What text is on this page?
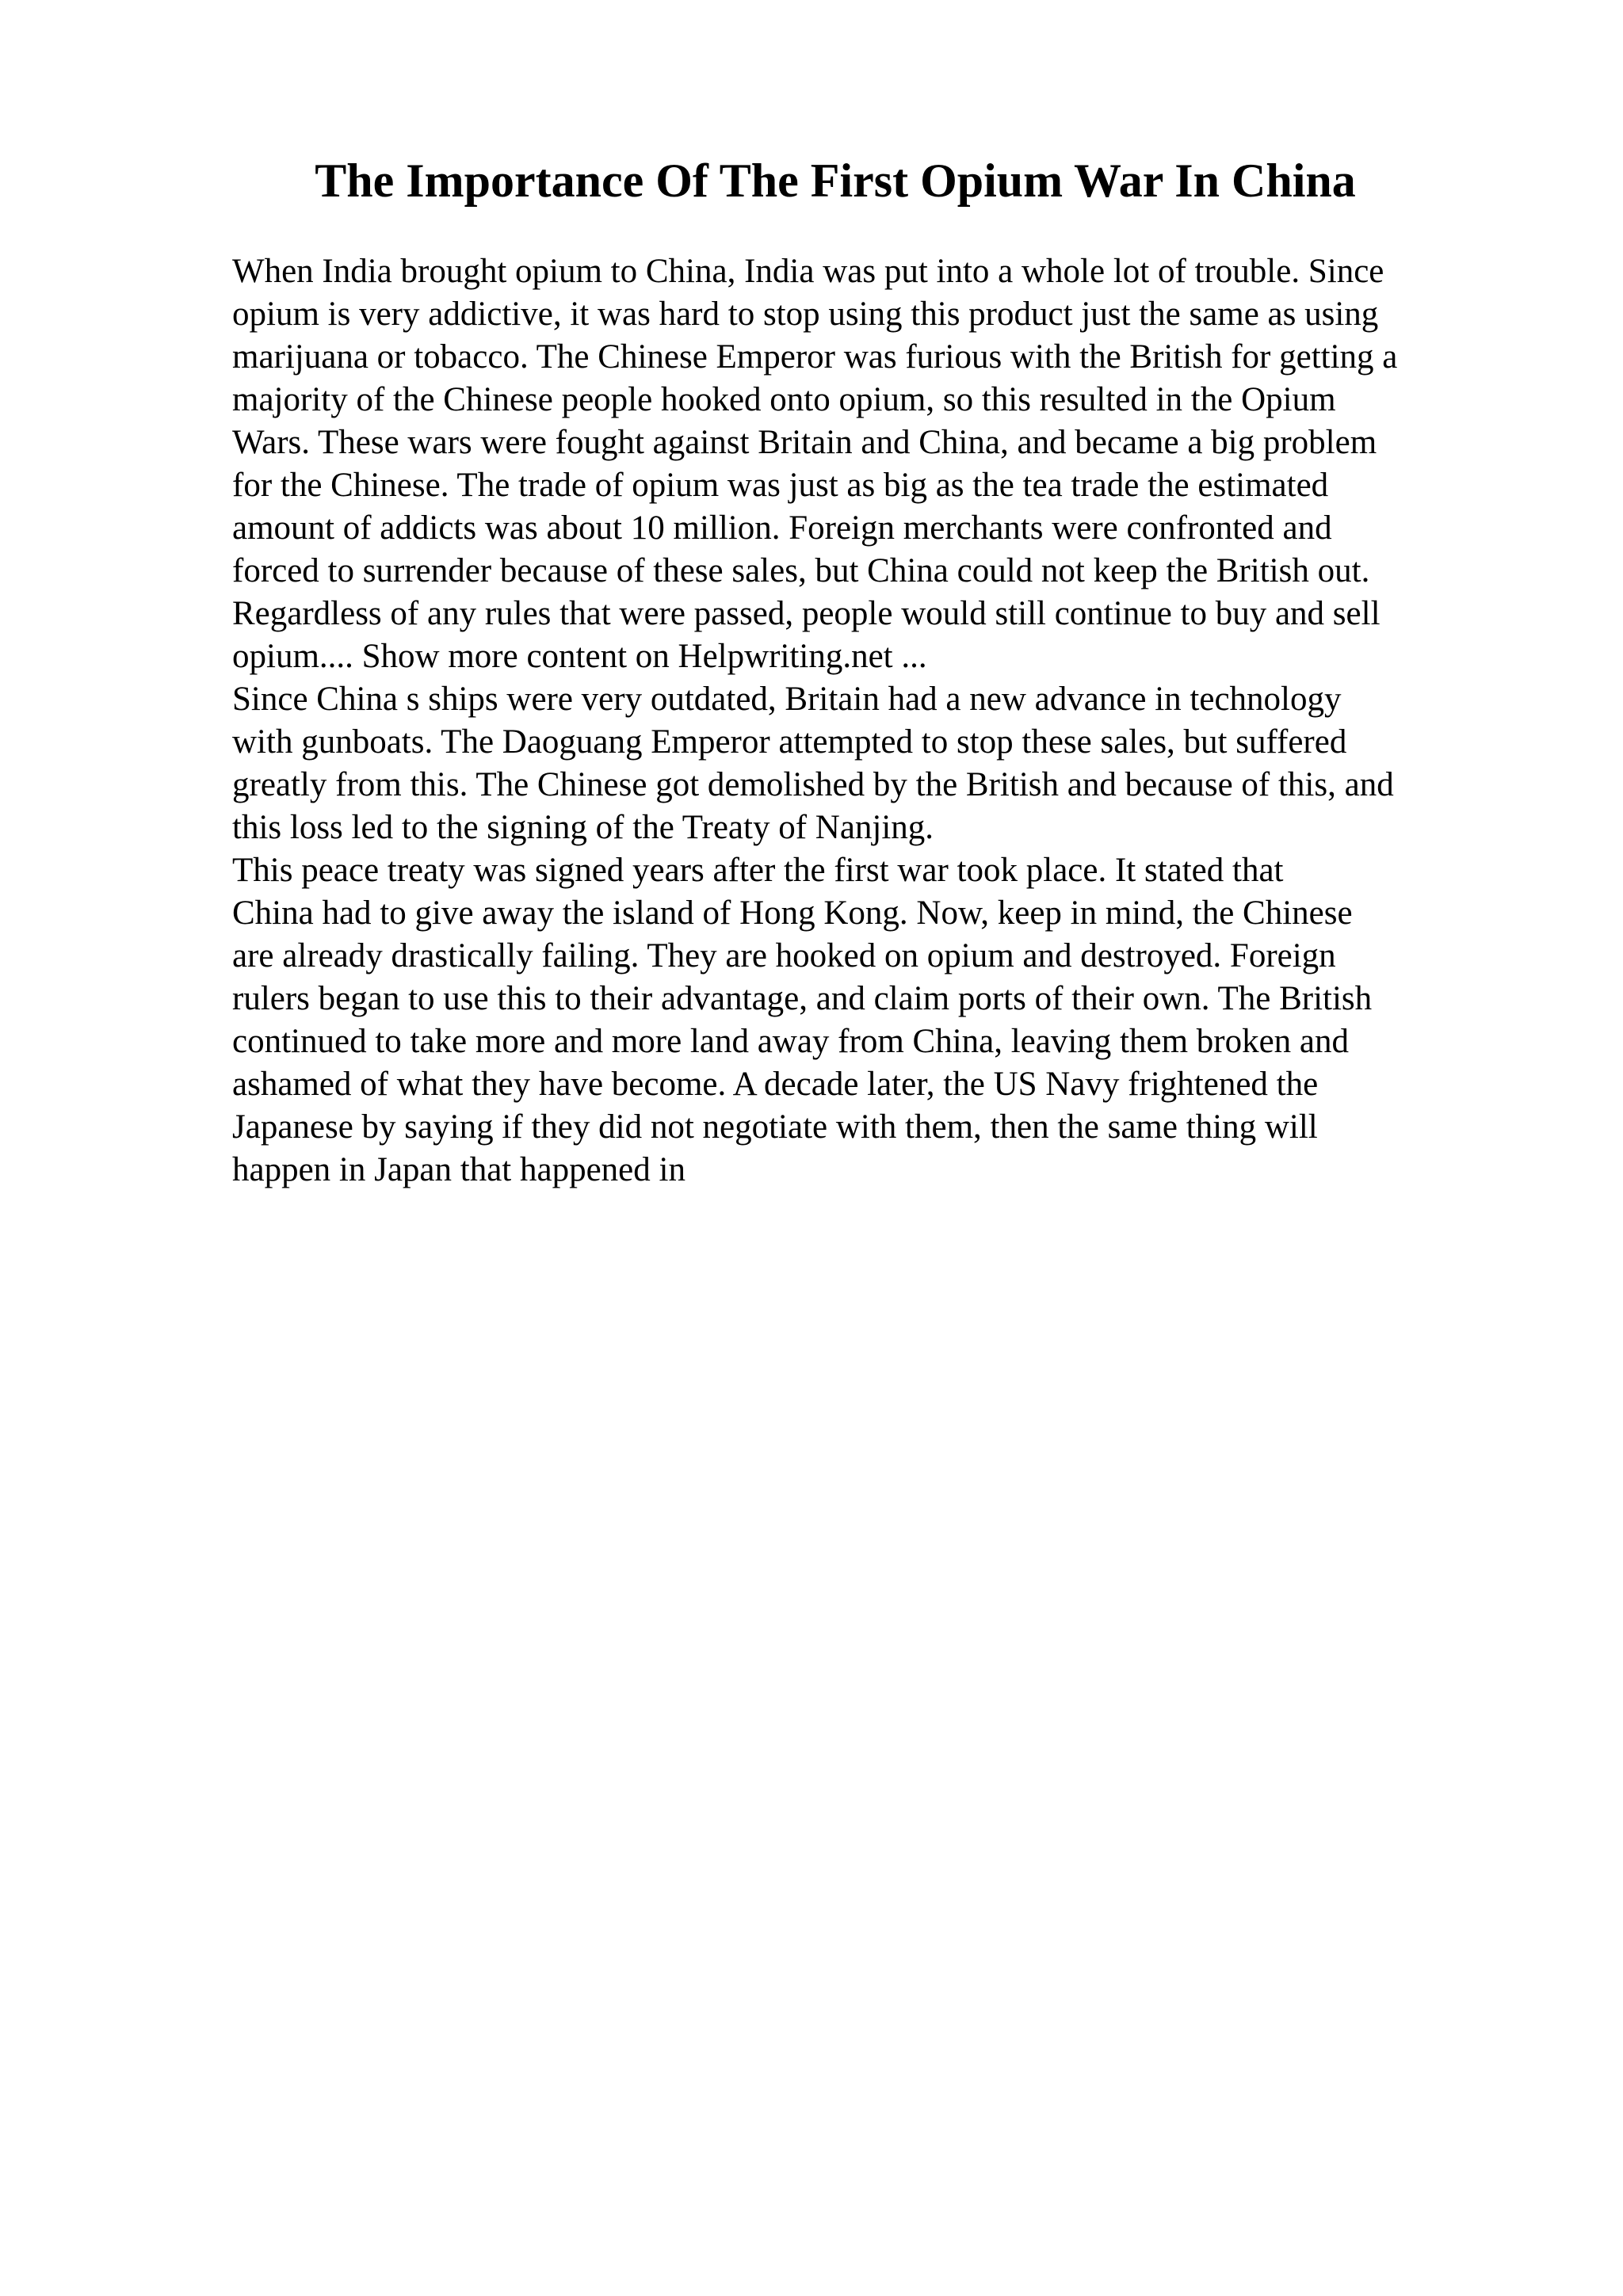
The Importance Of The First Opium War In China

When India brought opium to China, India was put into a whole lot of trouble. Since

opium is very addictive, it was hard to stop using this product just the same as using

marijuana or tobacco. The Chinese Emperor was furious with the British for getting a

majority of the Chinese people hooked onto opium, so this resulted in the Opium

Wars. These wars were fought against Britain and China, and became a big problem

for the Chinese. The trade of opium was just as big as the tea trade the estimated

amount of addicts was about 10 million. Foreign merchants were confronted and

forced to surrender because of these sales, but China could not keep the British out.

Regardless of any rules that were passed, people would still continue to buy and sell

opium.... Show more content on Helpwriting.net ...

Since China s ships were very outdated, Britain had a new advance in technology

with gunboats. The Daoguang Emperor attempted to stop these sales, but suffered

greatly from this. The Chinese got demolished by the British and because of this, and

this loss led to the signing of the Treaty of Nanjing.

This peace treaty was signed years after the first war took place. It stated that

China had to give away the island of Hong Kong. Now, keep in mind, the Chinese

are already drastically failing. They are hooked on opium and destroyed. Foreign

rulers began to use this to their advantage, and claim ports of their own. The British

continued to take more and more land away from China, leaving them broken and

ashamed of what they have become. A decade later, the US Navy frightened the

Japanese by saying if they did not negotiate with them, then the same thing will

happen in Japan that happened in
